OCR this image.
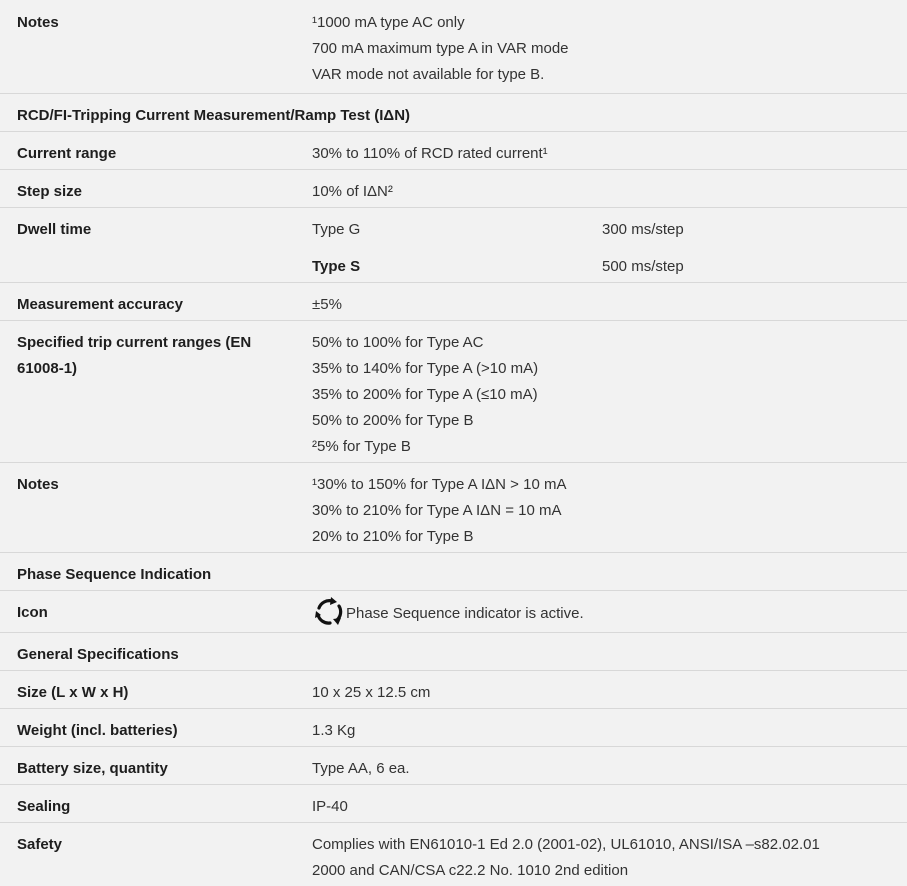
Notes	¹1000 mA type AC only
700 mA maximum type A in VAR mode
VAR mode not available for type B.

RCD/FI-Tripping Current Measurement/Ramp Test (IΔN)	
Current range	30% to 110% of RCD rated current¹
Step size	10% of IΔN²
Dwell time	Type G 300 ms/step
Type S 500 ms/step

Measurement accuracy	±5%

Specified trip current ranges (EN
61008-1)	50% to 100% for Type AC
35% to 140% for Type A (>10 mA)
35% to 200% for Type A (≤10 mA)
50% to 200% for Type B
²5% for Type B

Notes	¹30% to 150% for Type A IΔN > 10 mA
30% to 210% for Type A IΔN = 10 mA
20% to 210% for Type B

Phase Sequence Indication	
Icon	Phase Sequence indicator is active.
General Specifications	
Size (L x W x H)	10 x 25 x 12.5 cm
Weight (incl. batteries)	1.3 Kg
Battery size, quantity	Type AA, 6 ea.
Sealing	IP-40
Safety	Complies with EN61010-1 Ed 2.0 (2001-02), UL61010, ANSI/ISA –s82.02.01
2000 and CAN/CSA c22.2 No. 1010 2nd edition
